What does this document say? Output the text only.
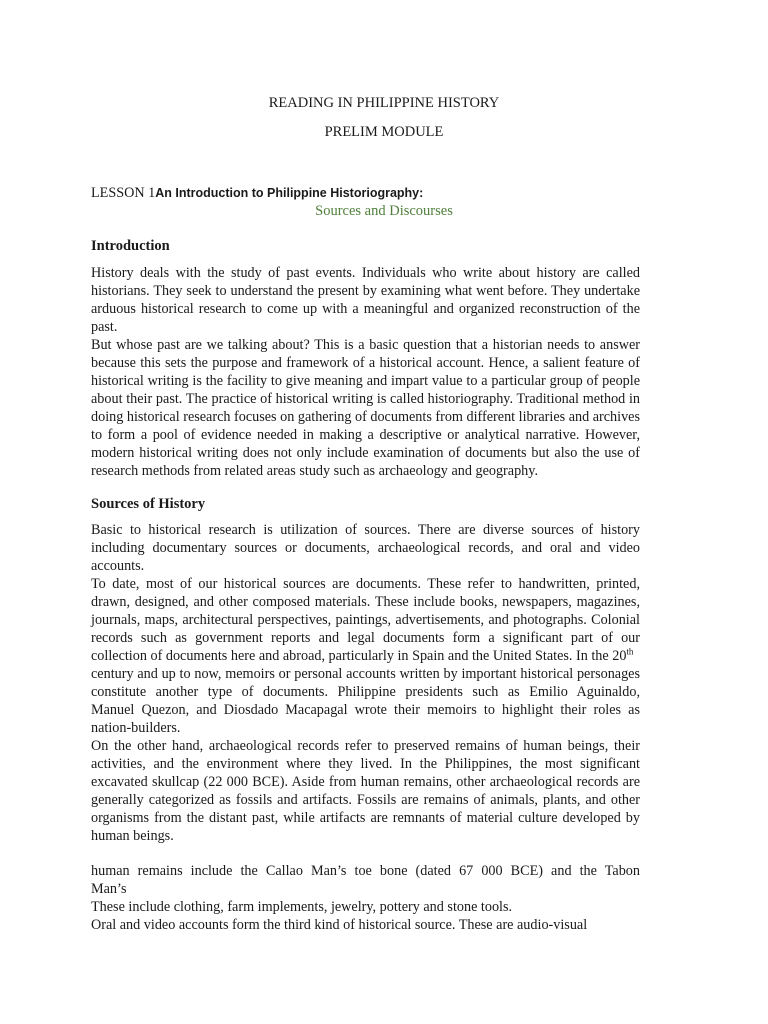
READING IN PHILIPPINE HISTORY
PRELIM MODULE
LESSON 1An Introduction to Philippine Historiography:
Sources and Discourses
Introduction
History deals with the study of past events. Individuals who write about history are called
historians. They seek to understand the present by examining what went before. They undertake
arduous historical research to come up with a meaningful and organized reconstruction of the
past.
But whose past are we talking about? This is a basic question that a historian needs to answer
because this sets the purpose and framework of a historical account. Hence, a salient feature of
historical writing is the facility to give meaning and impart value to a particular group of people
about their past. The practice of historical writing is called historiography. Traditional method in
doing historical research focuses on gathering of documents from different libraries and archives
to form a pool of evidence needed in making a descriptive or analytical narrative. However,
modern historical writing does not only include examination of documents but also the use of
research methods from related areas study such as archaeology and geography.
Sources of History
Basic to historical research is utilization of sources. There are diverse sources of history
including documentary sources or documents, archaeological records, and oral and video
accounts.
To date, most of our historical sources are documents. These refer to handwritten, printed,
drawn, designed, and other composed materials. These include books, newspapers, magazines,
journals, maps, architectural perspectives, paintings, advertisements, and photographs. Colonial
records such as government reports and legal documents form a significant part of our
collection of documents here and abroad, particularly in Spain and the United States. In the 20th
century and up to now, memoirs or personal accounts written by important historical personages
constitute another type of documents. Philippine presidents such as Emilio Aguinaldo,
Manuel Quezon, and Diosdado Macapagal wrote their memoirs to highlight their roles as
nation-builders.
On the other hand, archaeological records refer to preserved remains of human beings, their
activities, and the environment where they lived. In the Philippines, the most significant
excavated skullcap (22 000 BCE). Aside from human remains, other archaeological records are
generally categorized as fossils and artifacts. Fossils are remains of animals, plants, and other
organisms from the distant past, while artifacts are remnants of material culture developed by
human beings.
human remains include the Callao Man’s toe bone (dated 67 000 BCE) and the Tabon
Man’s
These include clothing, farm implements, jewelry, pottery and stone tools.
Oral and video accounts form the third kind of historical source. These are audio-visual
